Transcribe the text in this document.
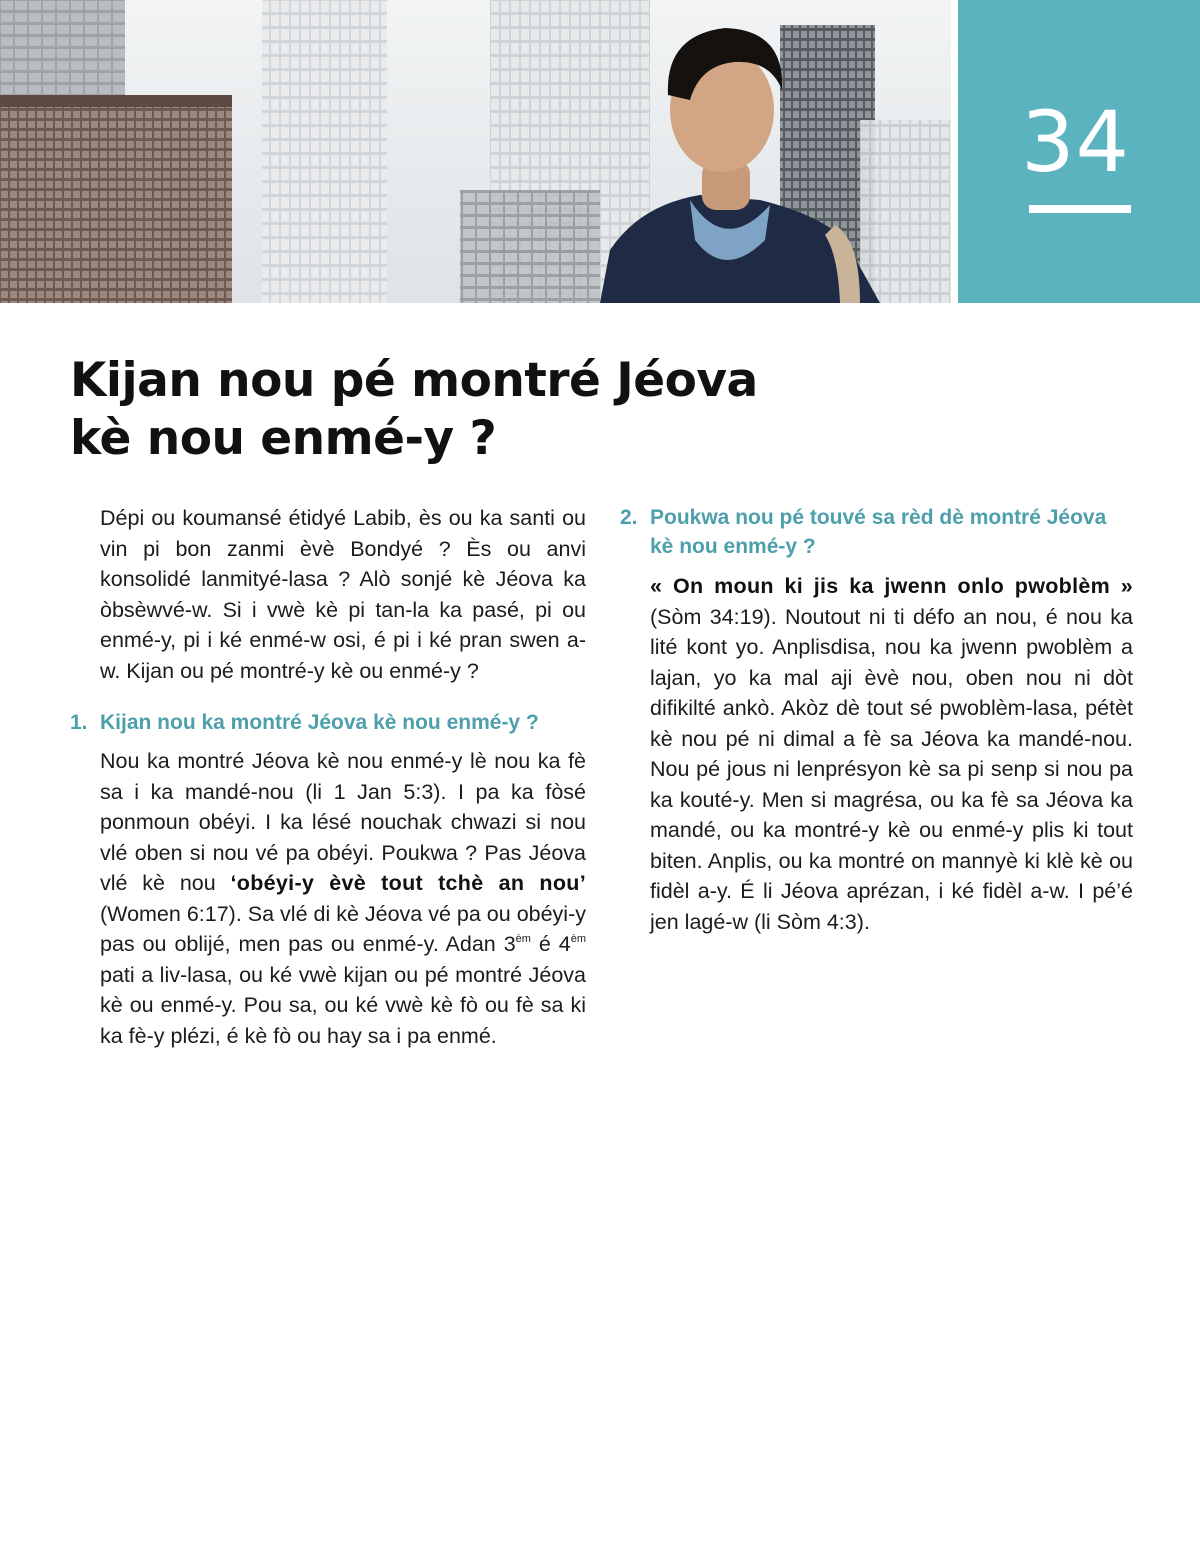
34
Kijan nou pé montré Jéova
kè nou enmé-y ?

Dépi ou koumansé étidyé Labib, ès ou ka santi ou vin pi bon zanmi èvè Bondyé ? Ès ou anvi konsolidé lanmityé-lasa ? Alò sonjé kè Jéova ka òbsèwvé-w. Si i vwè kè pi tan-la ka pasé, pi ou enmé-y, pi i ké enmé-w osi, é pi i ké pran swen a-w. Kijan ou pé montré-y kè ou enmé-y ?

1. Kijan nou ka montré Jéova kè nou enmé-y ?

Nou ka montré Jéova kè nou enmé-y lè nou ka fè sa i ka mandé-nou (li 1 Jan 5:3). I pa ka fòsé ponmoun obéyi. I ka lésé nouchak chwazi si nou vlé oben si nou vé pa obéyi. Poukwa ? Pas Jéova vlé kè nou ‘obéyi-y èvè tout tchè an nou’ (Women 6:17). Sa vlé di kè Jéova vé pa ou obéyi-y pas ou oblijé, men pas ou enmé-y. Adan $3^{èm}$ é $4^{èm}$ pati a liv-lasa, ou ké vwè kijan ou pé montré Jéova kè ou enmé-y. Pou sa, ou ké vwè kè fò ou fè sa ki ka fè-y plézi, é kè fò ou hay sa i pa enmé.

2. Poukwa nou pé touvé sa rèd dè montré Jéova kè nou enmé-y ?

« On moun ki jis ka jwenn onlo pwoblèm » (Sòm 34:19). Noutout ni ti défo an nou, é nou ka lité kont yo. Anplisdisa, nou ka jwenn pwoblèm a lajan, yo ka mal aji èvè nou, oben nou ni dòt difikilté ankò. Akòz dè tout sé pwoblèm-lasa, pétèt kè nou pé ni dimal a fè sa Jéova ka mandé-nou. Nou pé jous ni lenprésyon kè sa pi senp si nou pa ka kouté-y. Men si magrésa, ou ka fè sa Jéova ka mandé, ou ka montré-y kè ou enmé-y plis ki tout biten. Anplis, ou ka montré on mannyè ki klè kè ou fidèl a-y. É li Jéova aprézan, i ké fidèl a-w. I pé’é jen lagé-w (li Sòm 4:3).
